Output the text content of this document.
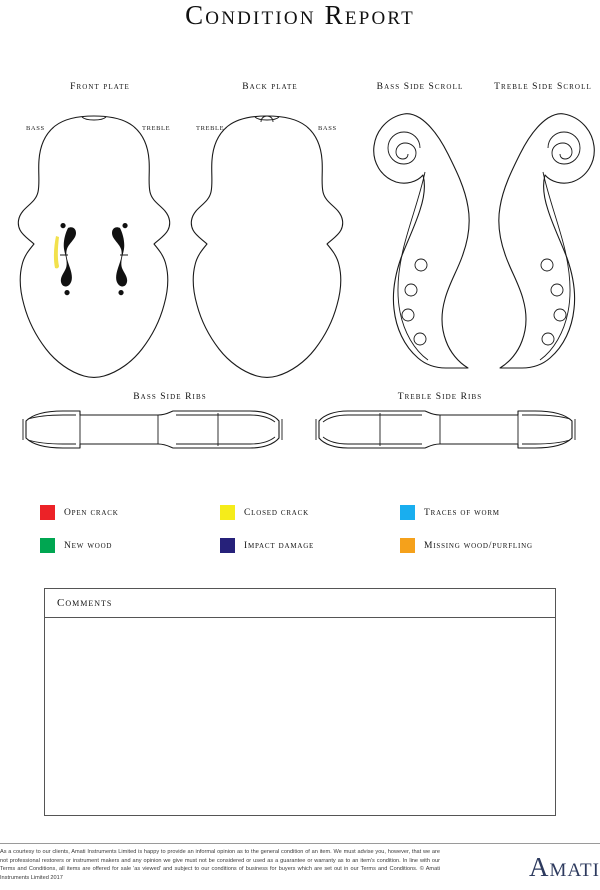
Condition Report
Front plate
BASS	TREBLE
Back plate
TREBLE	BASS
Bass Side Scroll	Treble Side Scroll
Bass Side Ribs	Treble Side Ribs
Open crack	Closed crack	Traces of worm
New wood	Impact damage	Missing wood/purfling
Comments
As a courtesy to our clients, Amati Instruments Limited is happy to provide an informal opinion as to the general condition of an item. We must advise you, however, that we are not professional restorers or instrument makers and any opinion we give must not be considered or used as a guarantee or warranty as to an item's condition. In line with our Terms and Conditions, all items are offered for sale 'as viewed' and subject to our conditions of business for buyers which are set out in our Terms and Conditions. © Amati Instruments Limited 2017	Amati
